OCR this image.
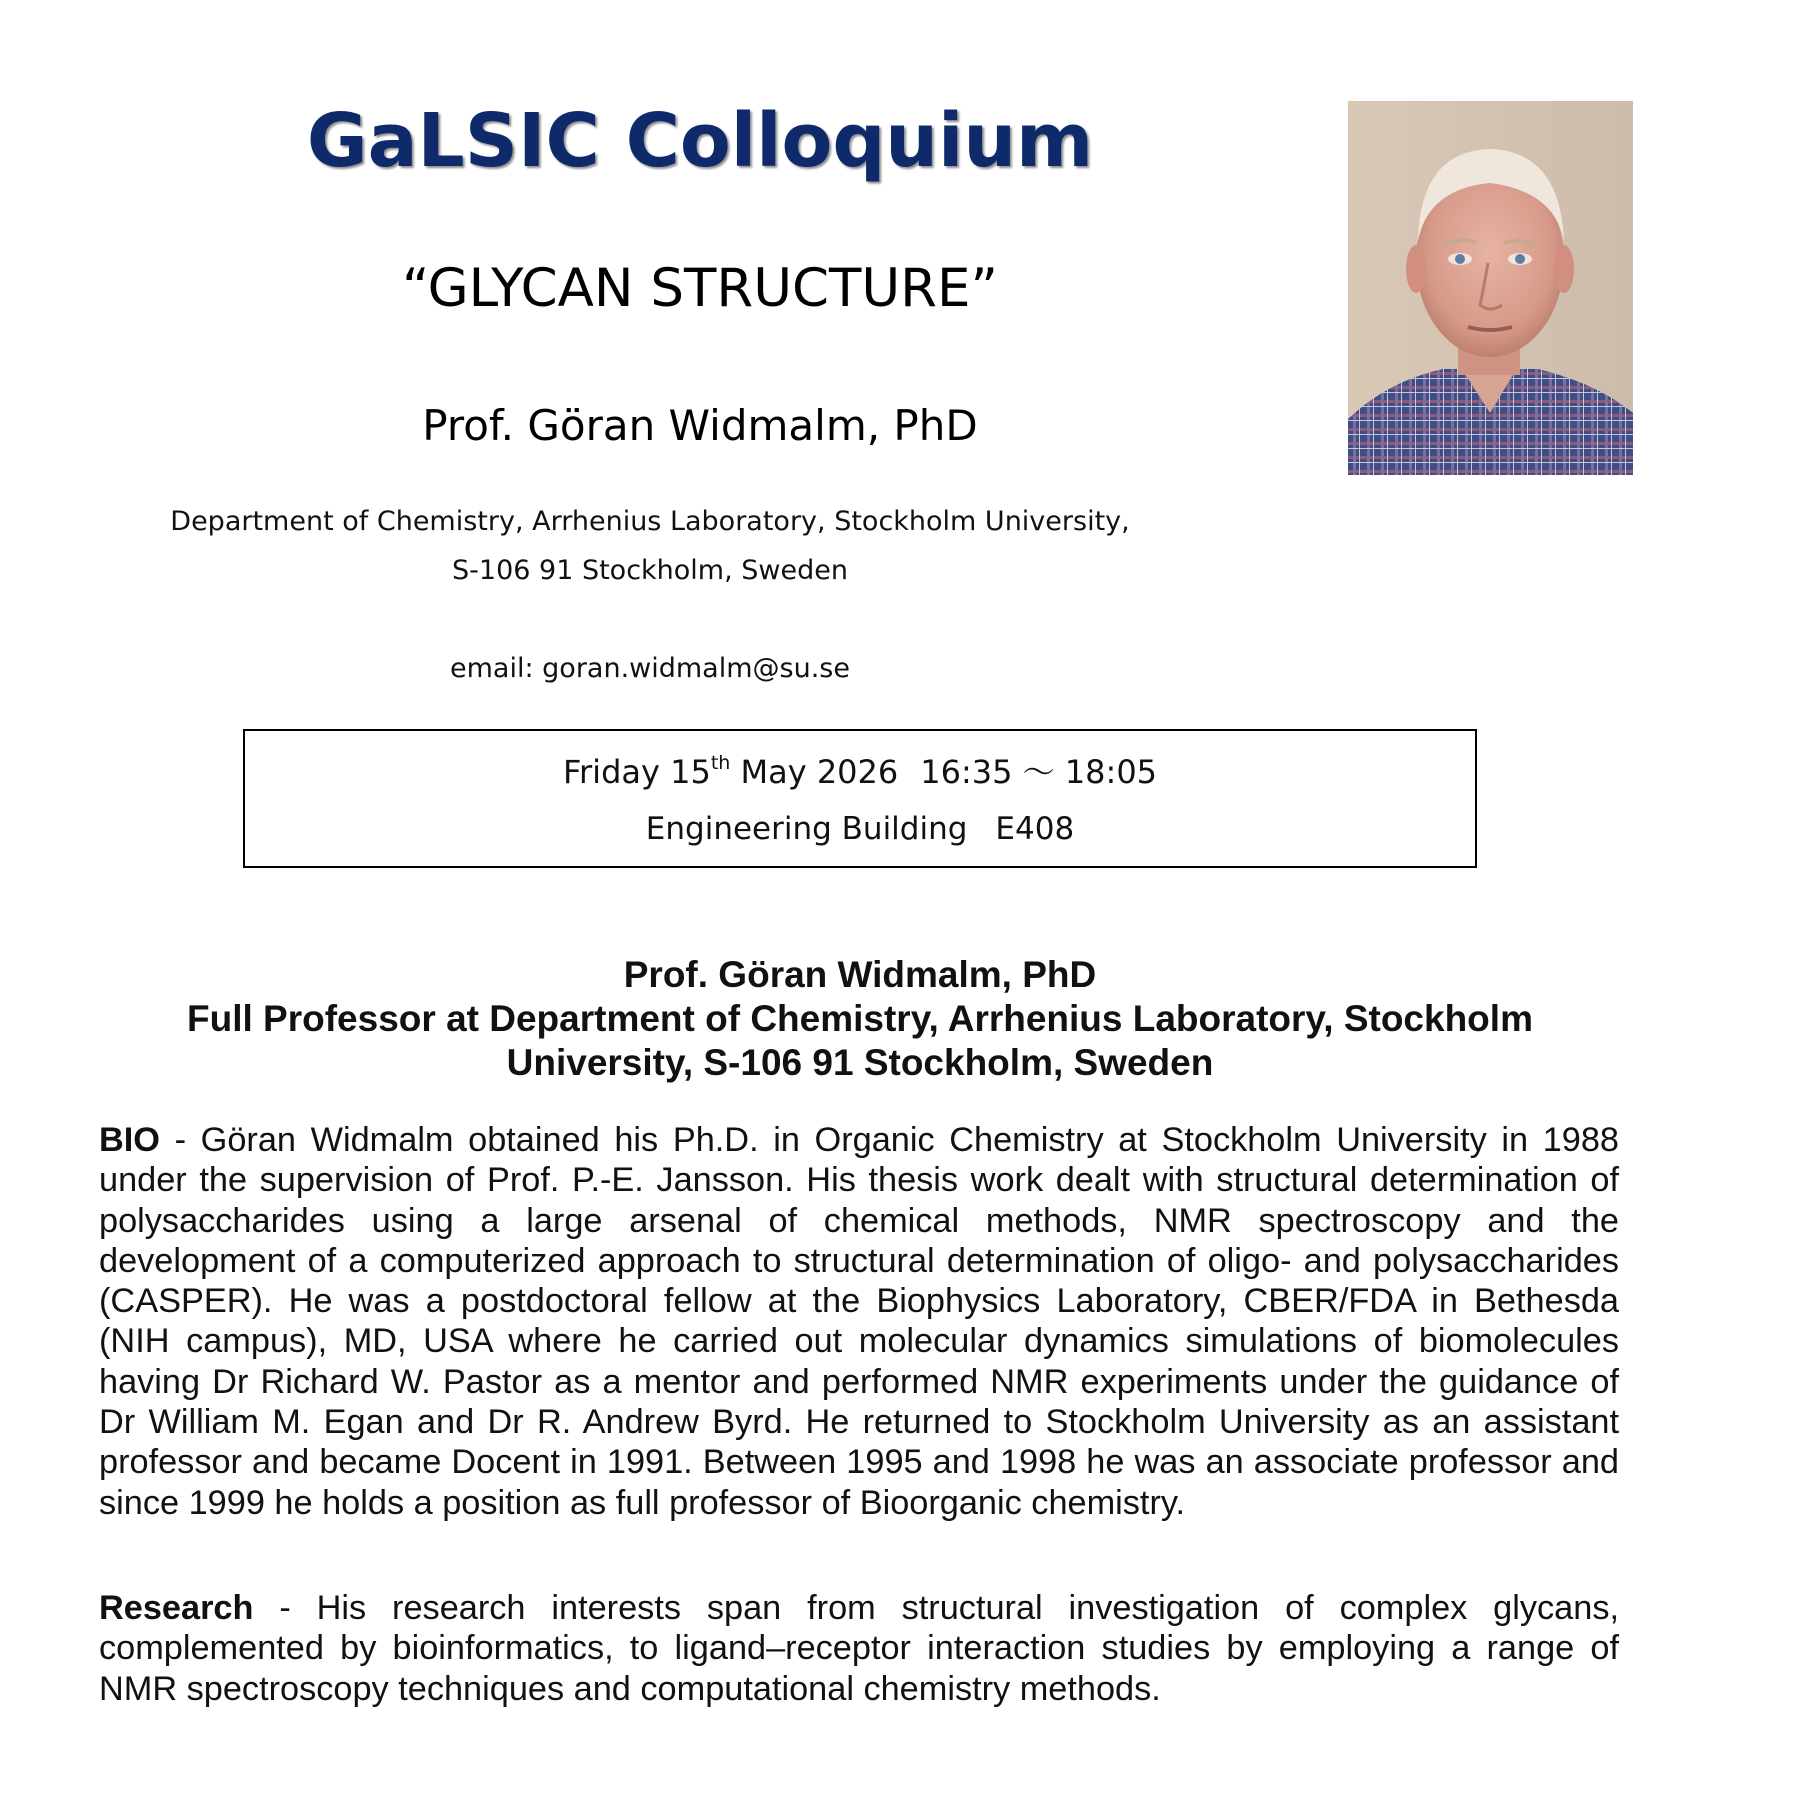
GaLSIC Colloquium
“GLYCAN STRUCTURE”
Prof. Göran Widmalm, PhD
Department of Chemistry, Arrhenius Laboratory, Stockholm University,
S-106 91 Stockholm, Sweden
email: goran.widmalm@su.se
Friday 15th May 2026 16:35 ～ 18:05
Engineering Building E408
Prof. Göran Widmalm, PhD
Full Professor at Department of Chemistry, Arrhenius Laboratory, Stockholm
University, S-106 91 Stockholm, Sweden
BIO - Göran Widmalm obtained his Ph.D. in Organic Chemistry at Stockholm University in 1988 under the supervision of Prof. P.-E. Jansson. His thesis work dealt with structural determination of polysaccharides using a large arsenal of chemical methods, NMR spectroscopy and the development of a computerized approach to structural determination of oligo- and polysaccharides (CASPER). He was a postdoctoral fellow at the Biophysics Laboratory, CBER/FDA in Bethesda (NIH campus), MD, USA where he carried out molecular dynamics simulations of biomolecules having Dr Richard W. Pastor as a mentor and performed NMR experiments under the guidance of Dr William M. Egan and Dr R. Andrew Byrd. He returned to Stockholm University as an assistant professor and became Docent in 1991. Between 1995 and 1998 he was an associate professor and since 1999 he holds a position as full professor of Bioorganic chemistry.
Research - His research interests span from structural investigation of complex glycans, complemented by bioinformatics, to ligand–receptor interaction studies by employing a range of NMR spectroscopy techniques and computational chemistry methods.
